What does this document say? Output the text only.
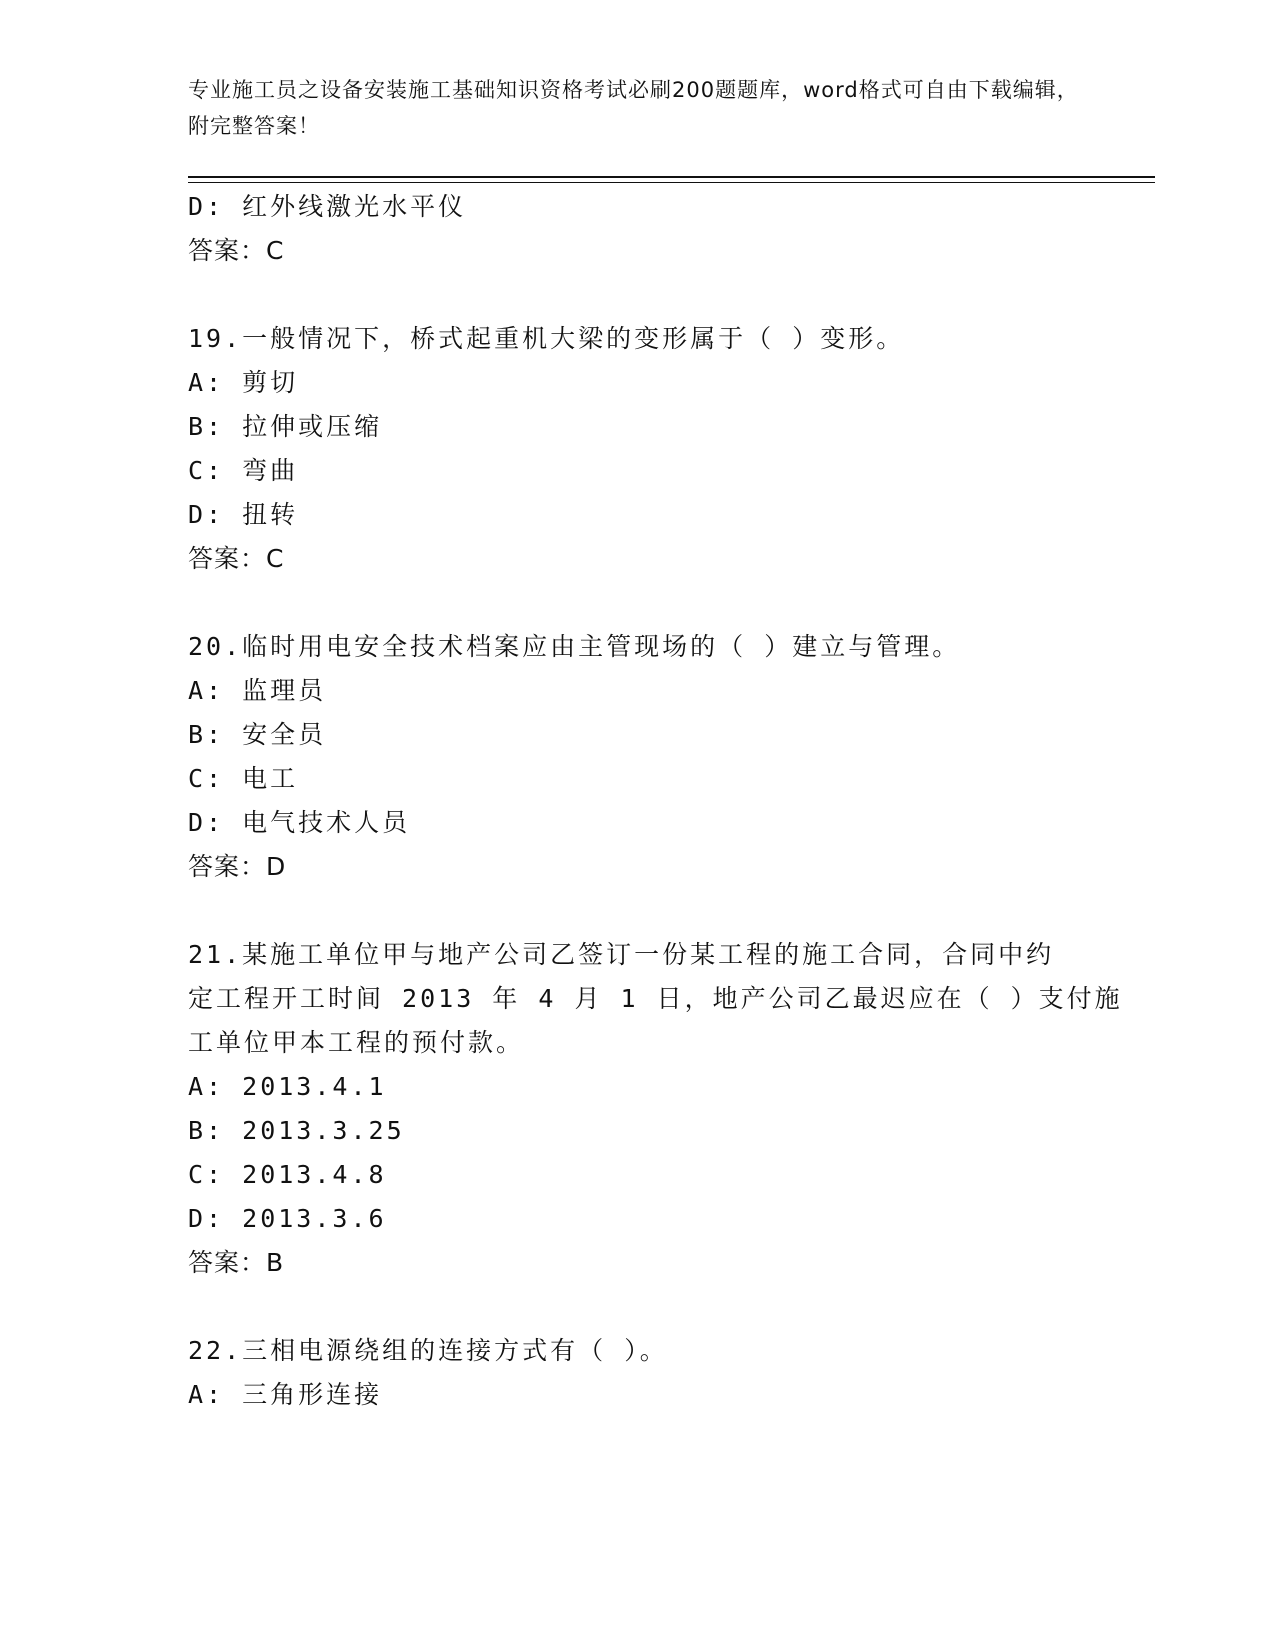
专业施工员之设备安装施工基础知识资格考试必刷200题题库，word格式可自由下载编辑，附完整答案！
D: 红外线激光水平仪
答案：C
19.一般情况下，桥式起重机大梁的变形属于（ ）变形。
A: 剪切
B: 拉伸或压缩
C: 弯曲
D: 扭转
答案：C
20.临时用电安全技术档案应由主管现场的（ ）建立与管理。
A: 监理员
B: 安全员
C: 电工
D: 电气技术人员
答案：D
21.某施工单位甲与地产公司乙签订一份某工程的施工合同，合同中约
定工程开工时间 2013 年 4 月 1 日，地产公司乙最迟应在（ ）支付施
工单位甲本工程的预付款。
A: 2013.4.1
B: 2013.3.25
C: 2013.4.8
D: 2013.3.6
答案：B
22.三相电源绕组的连接方式有（ ）。
A: 三角形连接
